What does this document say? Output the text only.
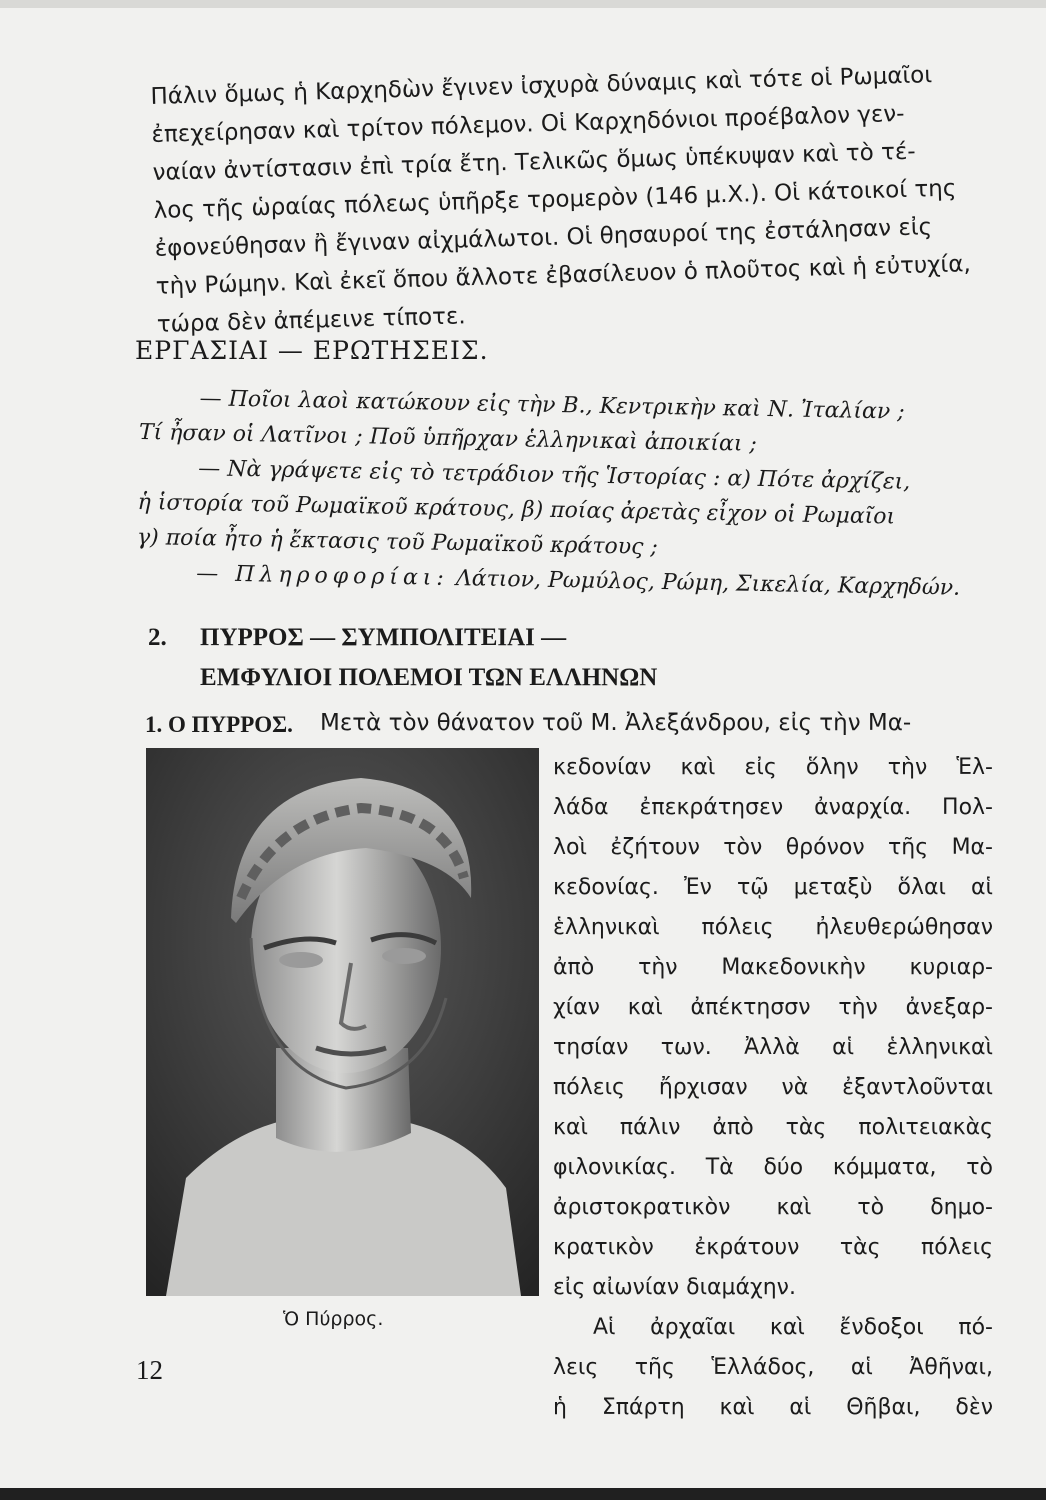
Πάλιν ὅμως ἡ Καρχηδὼν ἔγινεν ἰσχυρὰ δύναμις καὶ τότε οἱ Ρωμαῖοι
ἐπεχείρησαν καὶ τρίτον πόλεμον. Οἱ Καρχηδόνιοι προέβαλον γεν-
ναίαν ἀντίστασιν ἐπὶ τρία ἔτη. Τελικῶς ὅμως ὑπέκυψαν καὶ τὸ τέ-
λος τῆς ὡραίας πόλεως ὑπῆρξε τρομερὸν (146 μ.Χ.). Οἱ κάτοικοί της
ἐφονεύθησαν ἢ ἔγιναν αἰχμάλωτοι. Οἱ θησαυροί της ἐστάλησαν εἰς
τὴν Ρώμην. Καὶ ἐκεῖ ὅπου ἄλλοτε ἐβασίλευον ὁ πλοῦτος καὶ ἡ εὐτυχία,
τώρα δὲν ἀπέμεινε τίποτε.
ΕΡΓΑΣΙΑΙ — ΕΡΩΤΗΣΕΙΣ.
— Ποῖοι λαοὶ κατώκουν εἰς τὴν Β., Κεντρικὴν καὶ Ν. Ἰταλίαν ;
Τί ἦσαν οἱ Λατῖνοι ; Ποῦ ὑπῆρχαν ἑλληνικαὶ ἀποικίαι ;
— Νὰ γράψετε εἰς τὸ τετράδιον τῆς Ἱστορίας : α) Πότε ἀρχίζει,
ἡ ἱστορία τοῦ Ρωμαϊκοῦ κράτους, β) ποίας ἀρετὰς εἶχον οἱ Ρωμαῖοι
γ) ποία ἦτο ἡ ἔκτασις τοῦ Ρωμαϊκοῦ κράτους ;
— Πληροφορίαι: Λάτιον, Ρωμύλος, Ρώμη, Σικελία, Καρχηδών.
2. ΠΥΡΡΟΣ — ΣΥΜΠΟΛΙΤΕΙΑΙ —
ΕΜΦΥΛΙΟΙ ΠΟΛΕΜΟΙ ΤΩΝ ΕΛΛΗΝΩΝ
1. Ο ΠΥΡΡΟΣ. Μετὰ τὸν θάνατον τοῦ Μ. Ἀλεξάνδρου, εἰς τὴν Μα-
κεδονίαν καὶ εἰς ὅλην τὴν Ἑλ-
λάδα ἐπεκράτησεν ἀναρχία. Πολ-
λοὶ ἐζήτουν τὸν θρόνον τῆς Μα-
κεδονίας. Ἐν τῷ μεταξὺ ὅλαι αἱ
ἑλληνικαὶ πόλεις ἠλευθερώθησαν
ἀπὸ τὴν Μακεδονικὴν κυριαρ-
χίαν καὶ ἀπέκτησσν τὴν ἀνεξαρ-
τησίαν των. Ἀλλὰ αἱ ἑλληνικαὶ
πόλεις ἤρχισαν νὰ ἐξαντλοῦνται
καὶ πάλιν ἀπὸ τὰς πολιτειακὰς
φιλονικίας. Τὰ δύο κόμματα, τὸ
ἀριστοκρατικὸν καὶ τὸ δημο-
κρατικὸν ἐκράτουν τὰς πόλεις
εἰς αἰωνίαν διαμάχην.
Αἱ ἀρχαῖαι καὶ ἔνδοξοι πό-
λεις τῆς Ἑλλάδος, αἱ Ἀθῆναι,
ἡ Σπάρτη καὶ αἱ Θῆβαι, δὲν
Ὁ Πύρρος.
12
